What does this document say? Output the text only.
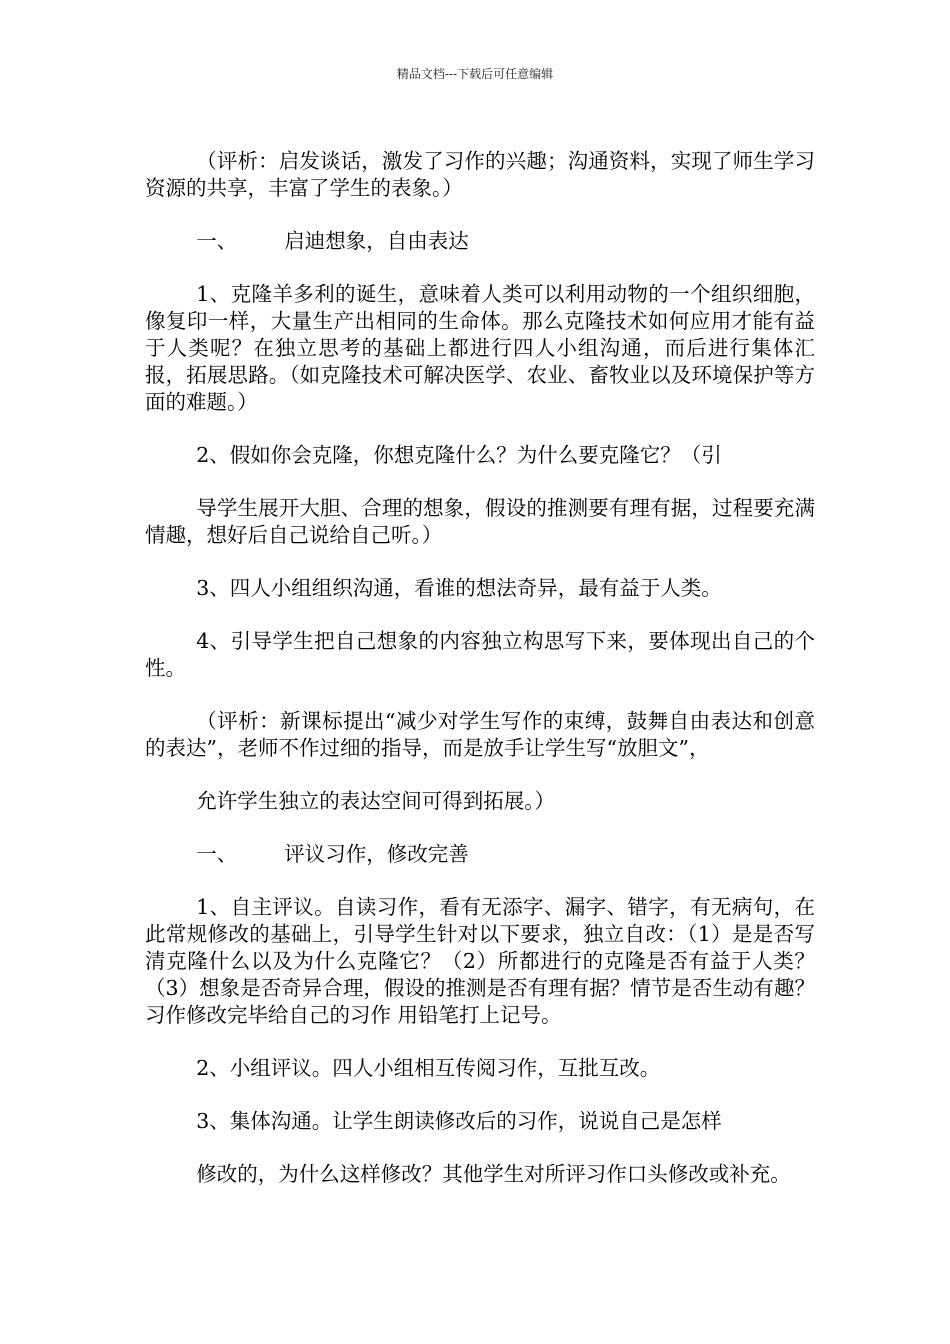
精品文档---下载后可任意编辑

（评析：启发谈话，激发了习作的兴趣；沟通资料，实现了师生学习资源的共享，丰富了学生的表象。）

一、 启迪想象，自由表达

1、克隆羊多利的诞生，意味着人类可以利用动物的一个组织细胞，像复印一样，大量生产出相同的生命体。那么克隆技术如何应用才能有益于人类呢？在独立思考的基础上都进行四人小组沟通，而后进行集体汇报，拓展思路。（如克隆技术可解决医学、农业、畜牧业以及环境保护等方面的难题。）

2、假如你会克隆，你想克隆什么？为什么要克隆它？（引

导学生展开大胆、合理的想象，假设的推测要有理有据，过程要充满情趣，想好后自己说给自己听。）

3、四人小组组织沟通，看谁的想法奇异，最有益于人类。

4、引导学生把自己想象的内容独立构思写下来，要体现出自己的个性。

（评析：新课标提出“减少对学生写作的束缚，鼓舞自由表达和创意的表达”，老师不作过细的指导，而是放手让学生写“放胆文”，

允许学生独立的表达空间可得到拓展。）

一、 评议习作，修改完善

1、自主评议。自读习作，看有无添字、漏字、错字，有无病句，在此常规修改的基础上，引导学生针对以下要求，独立自改：（1）是是否写清克隆什么以及为什么克隆它？（2）所都进行的克隆是否有益于人类？（3）想象是否奇异合理，假设的推测是否有理有据？情节是否生动有趣？习作修改完毕给自己的习作 用铅笔打上记号。

2、小组评议。四人小组相互传阅习作，互批互改。

3、集体沟通。让学生朗读修改后的习作，说说自己是怎样

修改的，为什么这样修改？其他学生对所评习作口头修改或补充。
